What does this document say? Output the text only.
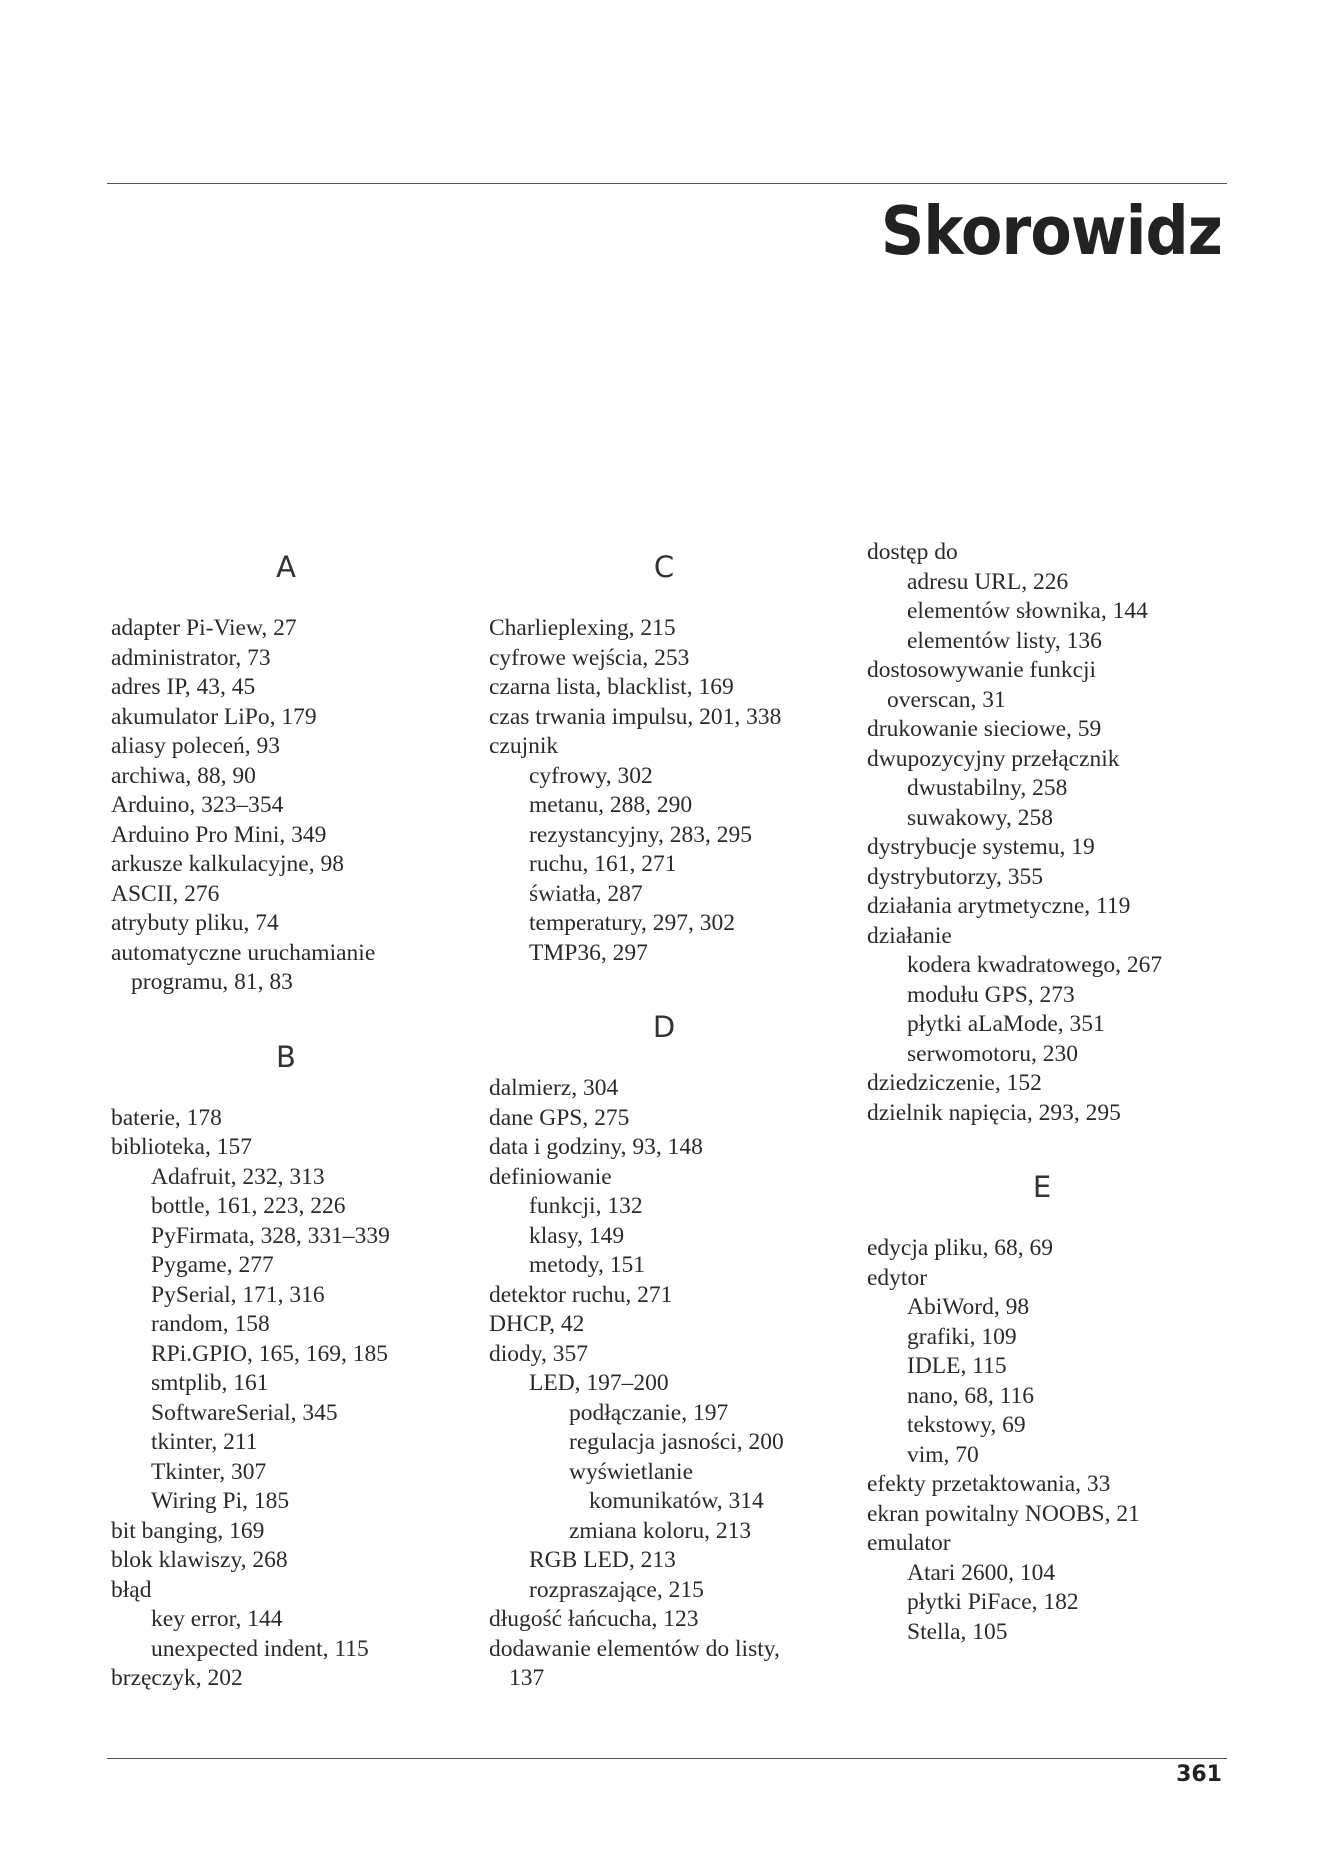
Skorowidz
A
adapter Pi-View, 27
administrator, 73
adres IP, 43, 45
akumulator LiPo, 179
aliasy poleceń, 93
archiwa, 88, 90
Arduino, 323–354
Arduino Pro Mini, 349
arkusze kalkulacyjne, 98
ASCII, 276
atrybuty pliku, 74
automatyczne uruchamianie
programu, 81, 83
B
baterie, 178
biblioteka, 157
Adafruit, 232, 313
bottle, 161, 223, 226
PyFirmata, 328, 331–339
Pygame, 277
PySerial, 171, 316
random, 158
RPi.GPIO, 165, 169, 185
smtplib, 161
SoftwareSerial, 345
tkinter, 211
Tkinter, 307
Wiring Pi, 185
bit banging, 169
blok klawiszy, 268
błąd
key error, 144
unexpected indent, 115
brzęczyk, 202
C
Charlieplexing, 215
cyfrowe wejścia, 253
czarna lista, blacklist, 169
czas trwania impulsu, 201, 338
czujnik
cyfrowy, 302
metanu, 288, 290
rezystancyjny, 283, 295
ruchu, 161, 271
światła, 287
temperatury, 297, 302
TMP36, 297
D
dalmierz, 304
dane GPS, 275
data i godziny, 93, 148
definiowanie
funkcji, 132
klasy, 149
metody, 151
detektor ruchu, 271
DHCP, 42
diody, 357
LED, 197–200
podłączanie, 197
regulacja jasności, 200
wyświetlanie
komunikatów, 314
zmiana koloru, 213
RGB LED, 213
rozpraszające, 215
długość łańcucha, 123
dodawanie elementów do listy,
137
dostęp do
adresu URL, 226
elementów słownika, 144
elementów listy, 136
dostosowywanie funkcji
overscan, 31
drukowanie sieciowe, 59
dwupozycyjny przełącznik
dwustabilny, 258
suwakowy, 258
dystrybucje systemu, 19
dystrybutorzy, 355
działania arytmetyczne, 119
działanie
kodera kwadratowego, 267
modułu GPS, 273
płytki aLaMode, 351
serwomotoru, 230
dziedziczenie, 152
dzielnik napięcia, 293, 295
E
edycja pliku, 68, 69
edytor
AbiWord, 98
grafiki, 109
IDLE, 115
nano, 68, 116
tekstowy, 69
vim, 70
efekty przetaktowania, 33
ekran powitalny NOOBS, 21
emulator
Atari 2600, 104
płytki PiFace, 182
Stella, 105
361
